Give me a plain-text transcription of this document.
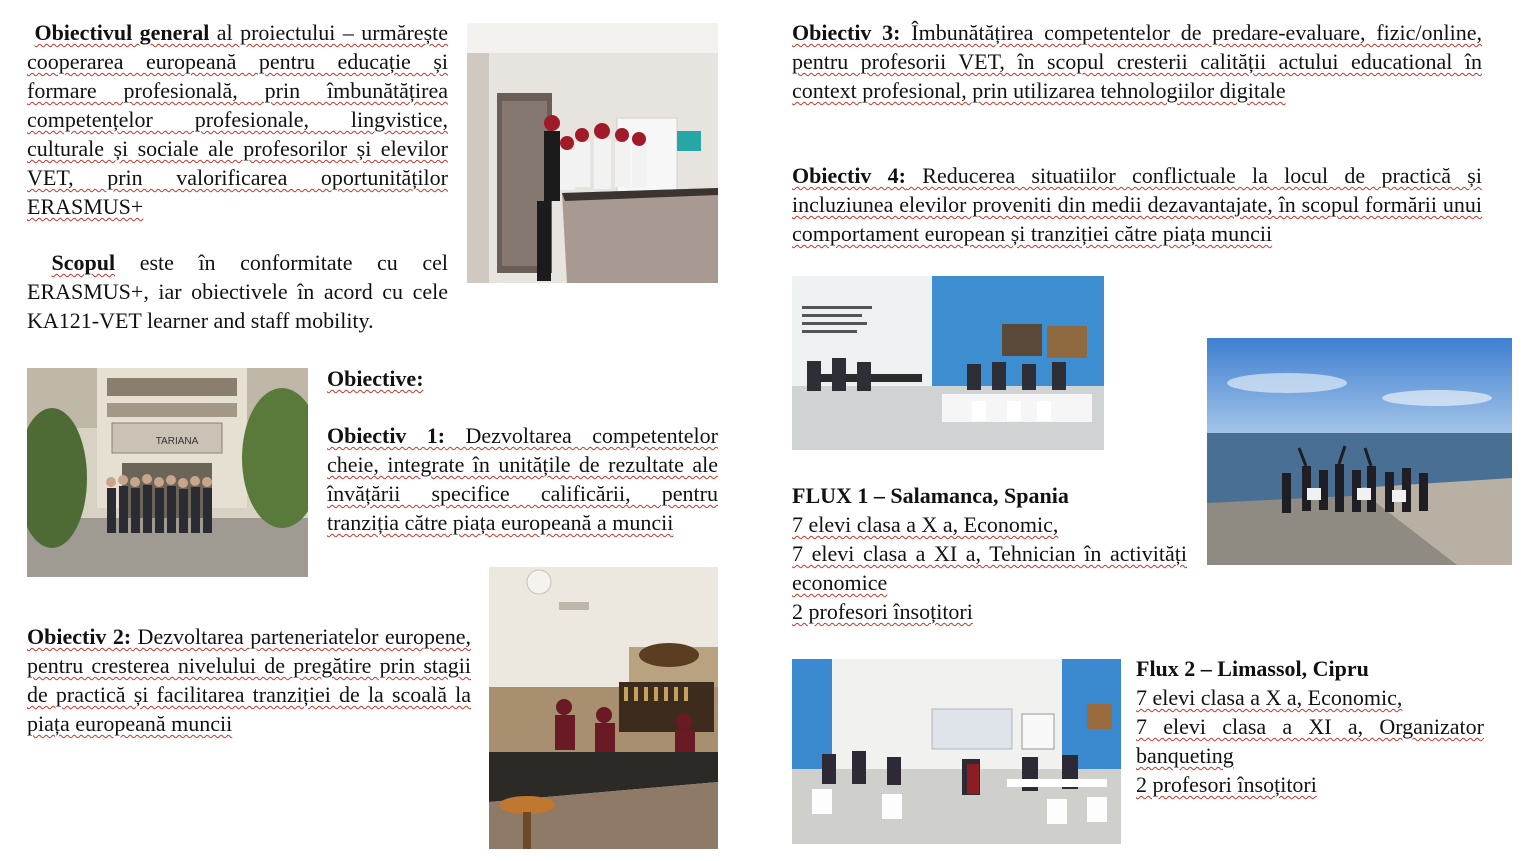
Obiectivul general al proiectului – urmărește cooperarea europeană pentru educație și formare profesională, prin îmbunătățirea competențelor profesionale, lingvistice, culturale și sociale ale profesorilor și elevilor VET, prin valorificarea oportunităților ERASMUS+

Scopul este în conformitate cu cel ERASMUS+, iar obiectivele în acord cu cele KA121-VET learner and staff mobility.

Obiective:

Obiectiv 1: Dezvoltarea competentelor cheie, integrate în unitățile de rezultate ale învățării specifice calificării, pentru tranziția către piața europeană a muncii

Obiectiv 2: Dezvoltarea parteneriatelor europene, pentru cresterea nivelului de pregătire prin stagii de practică și facilitarea tranziției de la scoală la piața europeană muncii

Obiectiv 3: Îmbunătățirea competentelor de predare-evaluare, fizic/online, pentru profesorii VET, în scopul cresterii calității actului educational în context profesional, prin utilizarea tehnologiilor digitale

Obiectiv 4: Reducerea situatiilor conflictuale la locul de practică și incluziunea elevilor proveniti din medii dezavantajate, în scopul formării unui comportament european și tranziției către piața muncii

FLUX 1 – Salamanca, Spania
7 elevi clasa a X a, Economic,
7 elevi clasa a XI a, Tehnician în activități economice
2 profesori însoțitori
Flux 2 – Limassol, Cipru
7 elevi clasa a X a, Economic,
7 elevi clasa a XI a, Organizator banqueting
2 profesori însoțitori
TARIANA
